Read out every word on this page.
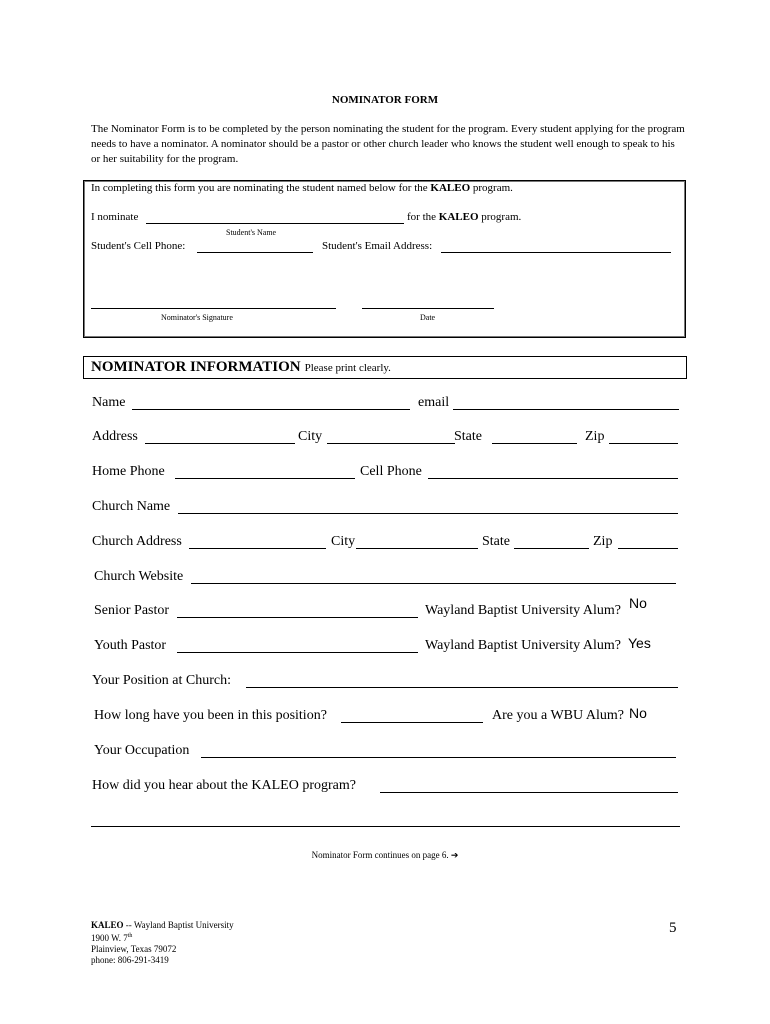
NOMINATOR FORM
The Nominator Form is to be completed by the person nominating the student for the program. Every student applying for the program needs to have a nominator. A nominator should be a pastor or other church leader who knows the student well enough to speak to his or her suitability for the program.
In completing this form you are nominating the student named below for the KALEO program.
I nominate	for the KALEO program.
Student's Name
Student's Cell Phone:	Student's Email Address:
Nominator's Signature	Date
NOMINATOR INFORMATION Please print clearly.
Name	email
Address	City	State	Zip
Home Phone	Cell Phone
Church Name
Church Address	City	State	Zip
Church Website
Senior Pastor	Wayland Baptist University Alum? No
Youth Pastor	Wayland Baptist University Alum? Yes
Your Position at Church:
How long have you been in this position?	Are you a WBU Alum? No
Your Occupation
How did you hear about the KALEO program?
Nominator Form continues on page 6. ➔
KALEO -- Wayland Baptist University
1900 W. 7th
Plainview, Texas 79072
phone: 806-291-3419
5
